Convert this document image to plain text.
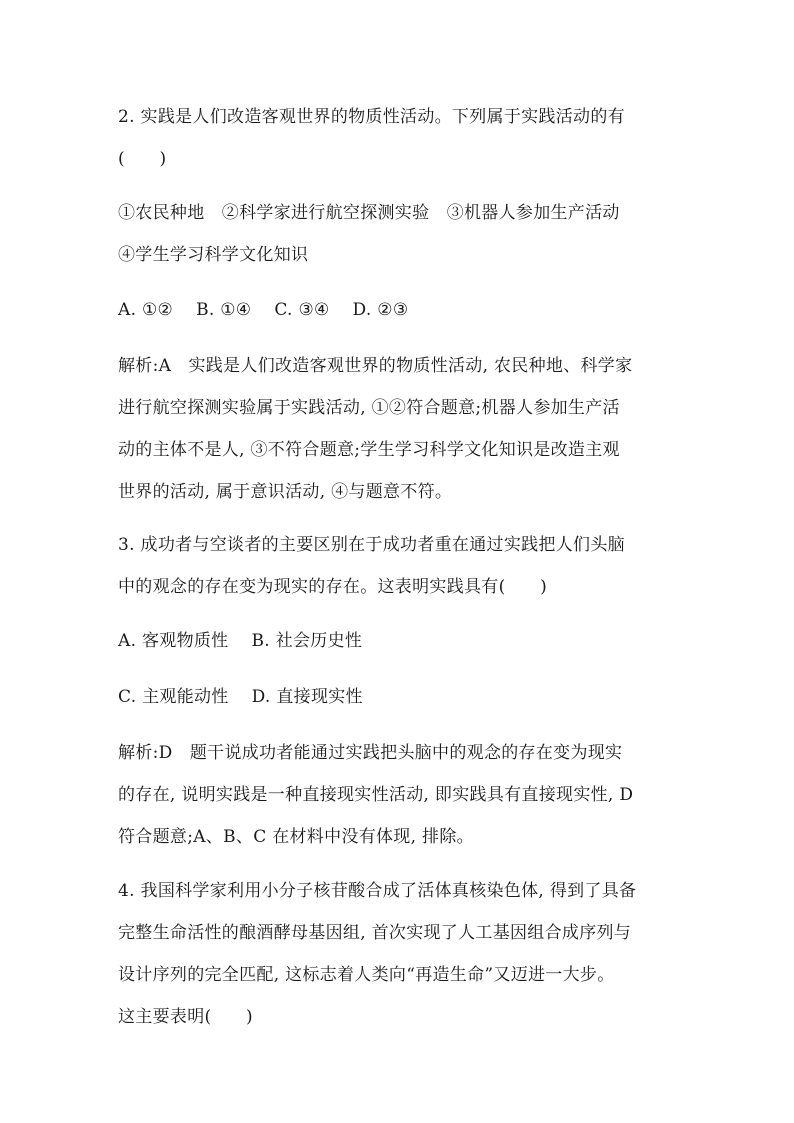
2. 实践是人们改造客观世界的物质性活动。下列属于实践活动的有
(　　)
①农民种地　②科学家进行航空探测实验　③机器人参加生产活动
④学生学习科学文化知识
A. ①②　 B. ①④　 C. ③④　 D. ②③
解析:A　实践是人们改造客观世界的物质性活动, 农民种地、科学家
进行航空探测实验属于实践活动, ①②符合题意;机器人参加生产活
动的主体不是人, ③不符合题意;学生学习科学文化知识是改造主观
世界的活动, 属于意识活动, ④与题意不符。
3. 成功者与空谈者的主要区别在于成功者重在通过实践把人们头脑
中的观念的存在变为现实的存在。这表明实践具有(　　)
A. 客观物质性　 B. 社会历史性
C. 主观能动性　 D. 直接现实性
解析:D　题干说成功者能通过实践把头脑中的观念的存在变为现实
的存在, 说明实践是一种直接现实性活动, 即实践具有直接现实性, D
符合题意;A、B、C 在材料中没有体现, 排除。
4. 我国科学家利用小分子核苷酸合成了活体真核染色体, 得到了具备
完整生命活性的酿酒酵母基因组, 首次实现了人工基因组合成序列与
设计序列的完全匹配, 这标志着人类向“再造生命”又迈进一大步。
这主要表明(　　)
